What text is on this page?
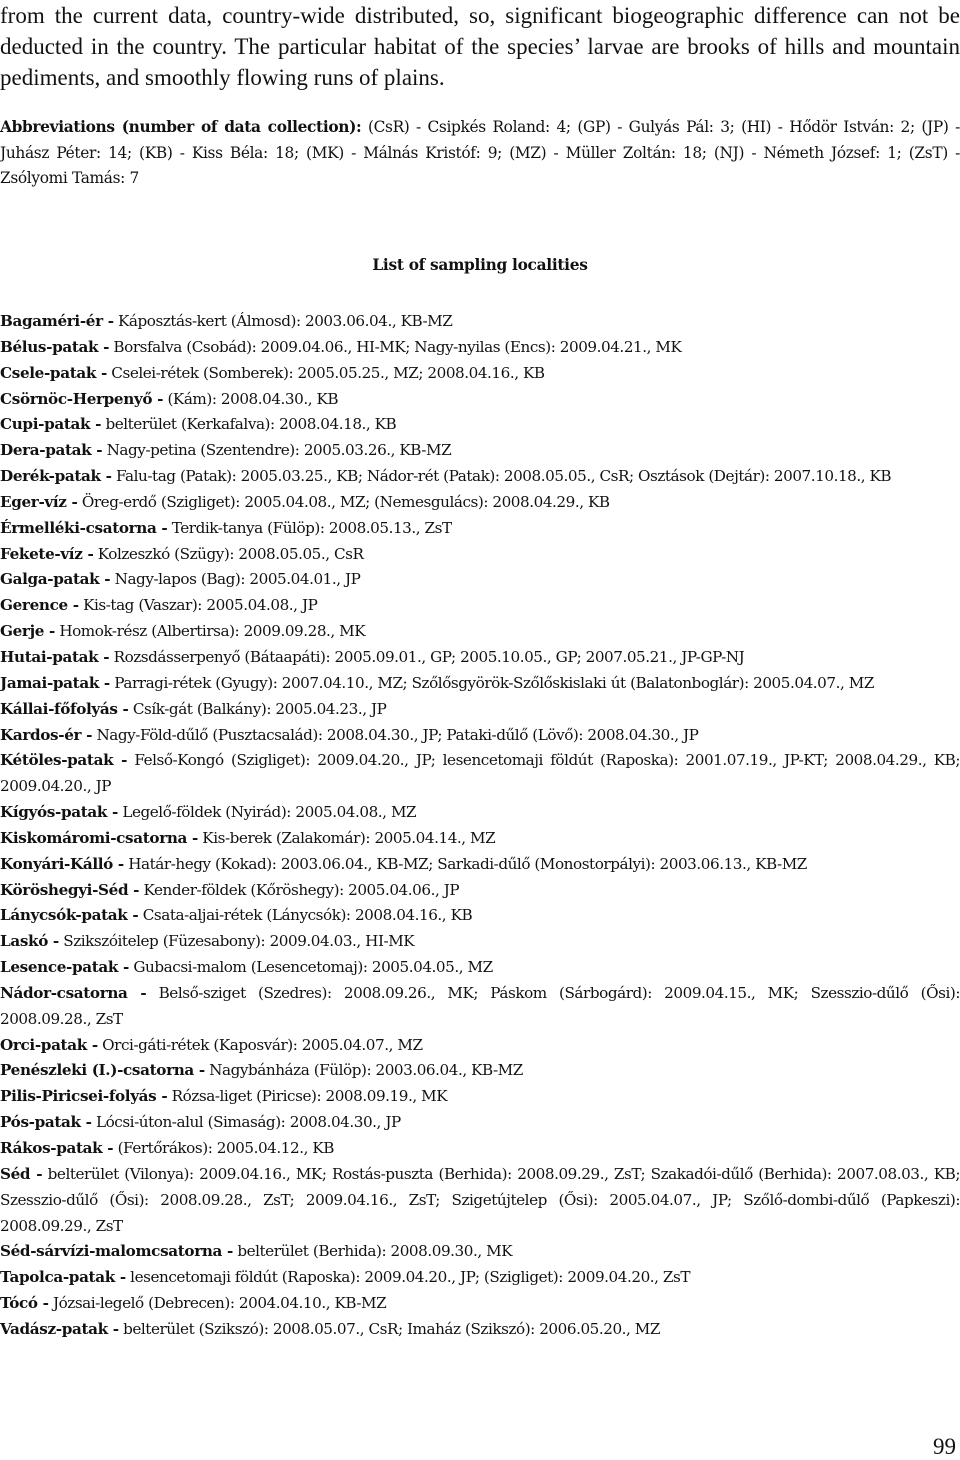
from the current data, country-wide distributed, so, significant biogeographic difference can not be deducted in the country. The particular habitat of the species’ larvae are brooks of hills and mountain pediments, and smoothly flowing runs of plains.

Abbreviations (number of data collection): (CsR) - Csipkés Roland: 4; (GP) - Gulyás Pál: 3; (HI) - Hődör István: 2; (JP) - Juhász Péter: 14; (KB) - Kiss Béla: 18; (MK) - Málnás Kristóf: 9; (MZ) - Müller Zoltán: 18; (NJ) - Németh József: 1; (ZsT) - Zsólyomi Tamás: 7

List of sampling localities
Bagaméri-ér - Káposztás-kert (Álmosd): 2003.06.04., KB-MZ
Bélus-patak - Borsfalva (Csobád): 2009.04.06., HI-MK; Nagy-nyilas (Encs): 2009.04.21., MK
Csele-patak - Cselei-rétek (Somberek): 2005.05.25., MZ; 2008.04.16., KB
Csörnöc-Herpenyő - (Kám): 2008.04.30., KB
Cupi-patak - belterület (Kerkafalva): 2008.04.18., KB
Dera-patak - Nagy-petina (Szentendre): 2005.03.26., KB-MZ
Derék-patak - Falu-tag (Patak): 2005.03.25., KB; Nádor-rét (Patak): 2008.05.05., CsR; Osztások (Dejtár): 2007.10.18., KB
Eger-víz - Öreg-erdő (Szigliget): 2005.04.08., MZ; (Nemesgulács): 2008.04.29., KB
Érmelléki-csatorna - Terdik-tanya (Fülöp): 2008.05.13., ZsT
Fekete-víz - Kolzeszkó (Szügy): 2008.05.05., CsR
Galga-patak - Nagy-lapos (Bag): 2005.04.01., JP
Gerence - Kis-tag (Vaszar): 2005.04.08., JP
Gerje - Homok-rész (Albertirsa): 2009.09.28., MK
Hutai-patak - Rozsdásserpenyő (Bátaapáti): 2005.09.01., GP; 2005.10.05., GP; 2007.05.21., JP-GP-NJ
Jamai-patak - Parragi-rétek (Gyugy): 2007.04.10., MZ; Szőlősgyörök-Szőlőskislaki út (Balatonboglár): 2005.04.07., MZ
Kállai-főfolyás - Csík-gát (Balkány): 2005.04.23., JP
Kardos-ér - Nagy-Föld-dűlő (Pusztacsalád): 2008.04.30., JP; Pataki-dűlő (Lövő): 2008.04.30., JP
Kétöles-patak - Felső-Kongó (Szigliget): 2009.04.20., JP; lesencetomaji földút (Raposka): 2001.07.19., JP-KT; 2008.04.29., KB; 2009.04.20., JP
Kígyós-patak - Legelő-földek (Nyirád): 2005.04.08., MZ
Kiskomáromi-csatorna - Kis-berek (Zalakomár): 2005.04.14., MZ
Konyári-Kálló - Határ-hegy (Kokad): 2003.06.04., KB-MZ; Sarkadi-dűlő (Monostorpályi): 2003.06.13., KB-MZ
Köröshegyi-Séd - Kender-földek (Kőröshegy): 2005.04.06., JP
Lánycsók-patak - Csata-aljai-rétek (Lánycsók): 2008.04.16., KB
Laskó - Szikszóitelep (Füzesabony): 2009.04.03., HI-MK
Lesence-patak - Gubacsi-malom (Lesencetomaj): 2005.04.05., MZ
Nádor-csatorna - Belső-sziget (Szedres): 2008.09.26., MK; Páskom (Sárbogárd): 2009.04.15., MK; Szesszio-dűlő (Ősi): 2008.09.28., ZsT
Orci-patak - Orci-gáti-rétek (Kaposvár): 2005.04.07., MZ
Penészleki (I.)-csatorna - Nagybánháza (Fülöp): 2003.06.04., KB-MZ
Pilis-Piricsei-folyás - Rózsa-liget (Piricse): 2008.09.19., MK
Pós-patak - Lócsi-úton-alul (Simaság): 2008.04.30., JP
Rákos-patak - (Fertőrákos): 2005.04.12., KB
Séd - belterület (Vilonya): 2009.04.16., MK; Rostás-puszta (Berhida): 2008.09.29., ZsT; Szakadói-dűlő (Berhida): 2007.08.03., KB; Szesszio-dűlő (Ősi): 2008.09.28., ZsT; 2009.04.16., ZsT; Szigetújtelep (Ősi): 2005.04.07., JP; Szőlő-dombi-dűlő (Papkeszi): 2008.09.29., ZsT
Séd-sárvízi-malomcsatorna - belterület (Berhida): 2008.09.30., MK
Tapolca-patak - lesencetomaji földút (Raposka): 2009.04.20., JP; (Szigliget): 2009.04.20., ZsT
Tócó - Józsai-legelő (Debrecen): 2004.04.10., KB-MZ
Vadász-patak - belterület (Szikszó): 2008.05.07., CsR; Imaház (Szikszó): 2006.05.20., MZ
99
